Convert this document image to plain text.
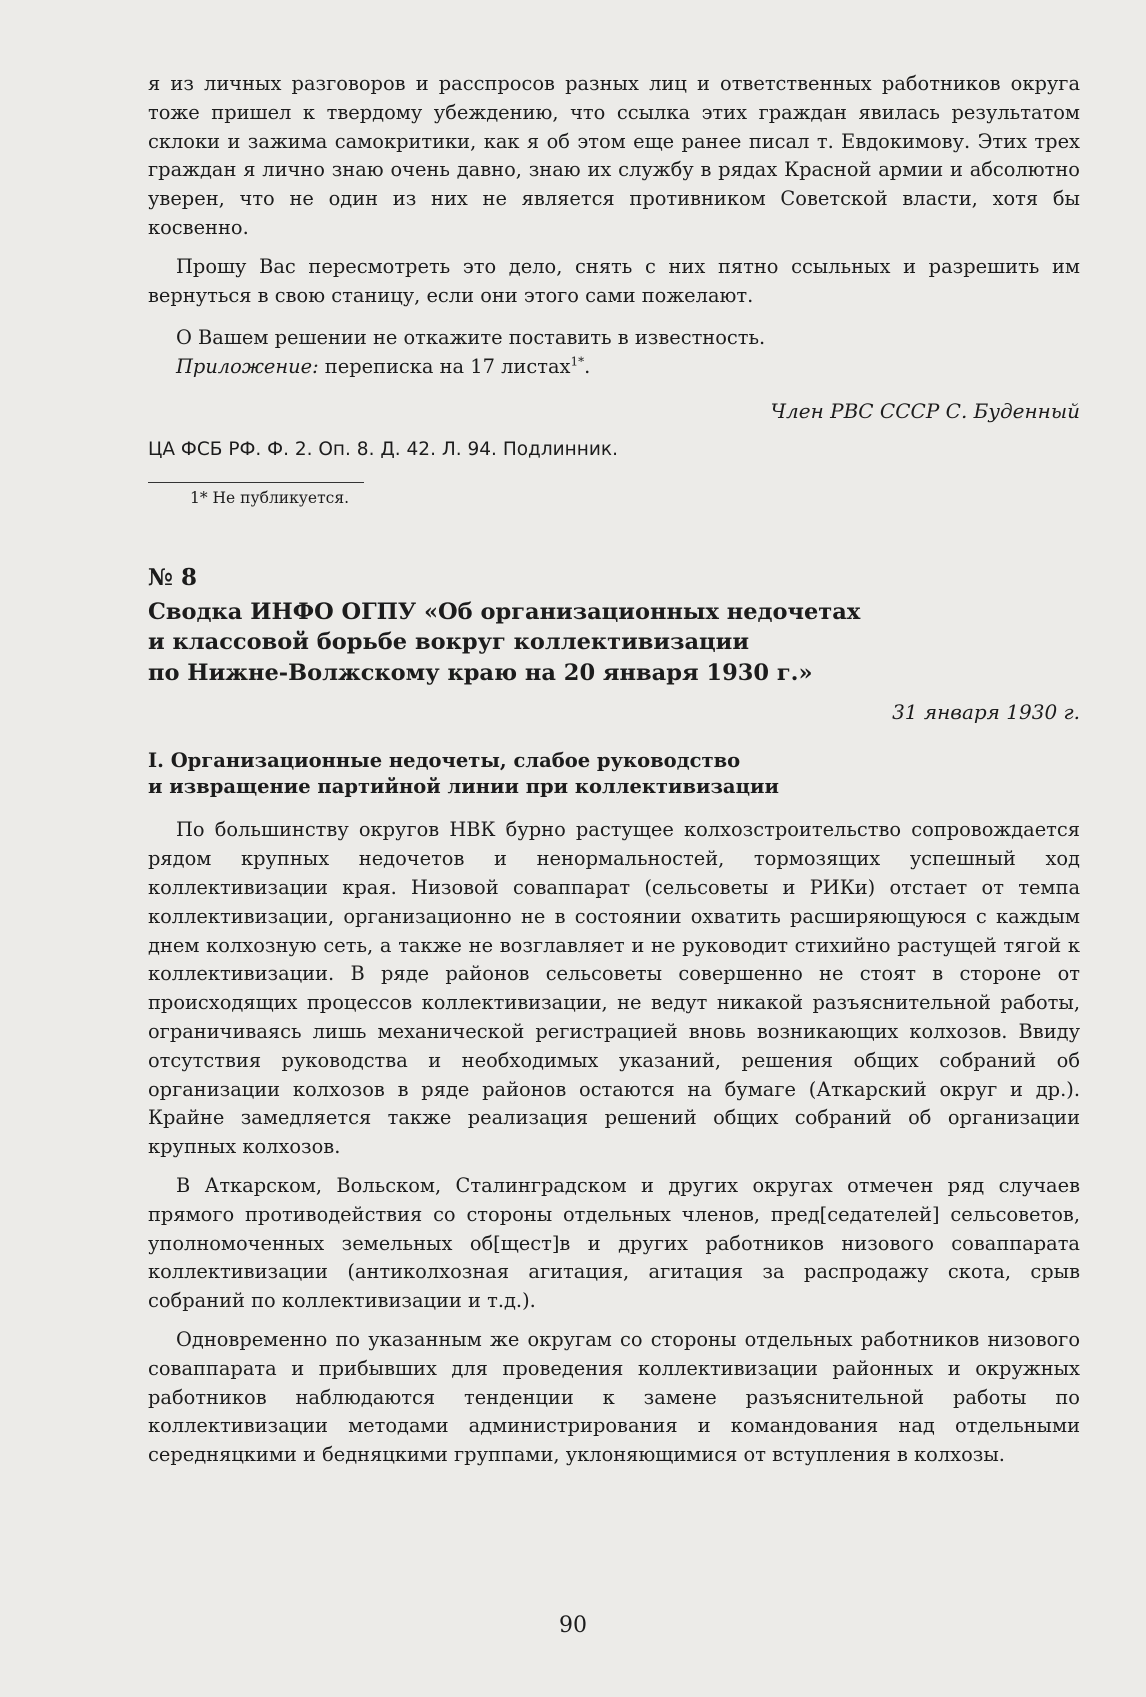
я из личных разговоров и расспросов разных лиц и ответственных работников округа тоже пришел к твердому убеждению, что ссылка этих граждан явилась результатом склоки и зажима самокритики, как я об этом еще ранее писал т. Евдокимову. Этих трех граждан я лично знаю очень давно, знаю их службу в рядах Красной армии и абсолютно уверен, что не один из них не является противником Советской власти, хотя бы косвенно.

Прошу Вас пересмотреть это дело, снять с них пятно ссыльных и разрешить им вернуться в свою станицу, если они этого сами пожелают.

О Вашем решении не откажите поставить в известность.

Приложение: переписка на 17 листах$^{1*}$.

Член РВС СССР С. Буденный

ЦА ФСБ РФ. Ф. 2. Оп. 8. Д. 42. Л. 94. Подлинник.

1* Не публикуется.

№ 8

Сводка ИНФО ОГПУ «Об организационных недочетах
и классовой борьбе вокруг коллективизации
по Нижне-Волжскому краю на 20 января 1930 г.»

31 января 1930 г.

I. Организационные недочеты, слабое руководство
и извращение партийной линии при коллективизации

По большинству округов НВК бурно растущее колхозстроительство сопровождается рядом крупных недочетов и ненормальностей, тормозящих успешный ход коллективизации края. Низовой соваппарат (сельсоветы и РИКи) отстает от темпа коллективизации, организационно не в состоянии охватить расширяющуюся с каждым днем колхозную сеть, а также не возглавляет и не руководит стихийно растущей тягой к коллективизации. В ряде районов сельсоветы совершенно не стоят в стороне от происходящих процессов коллективизации, не ведут никакой разъяснительной работы, ограничиваясь лишь механической регистрацией вновь возникающих колхозов. Ввиду отсутствия руководства и необходимых указаний, решения общих собраний об организации колхозов в ряде районов остаются на бумаге (Аткарский округ и др.). Крайне замедляется также реализация решений общих собраний об организации крупных колхозов.

В Аткарском, Вольском, Сталинградском и других округах отмечен ряд случаев прямого противодействия со стороны отдельных членов, пред[седателей] сельсоветов, уполномоченных земельных об[щест]в и других работников низового соваппарата коллективизации (антиколхозная агитация, агитация за распродажу скота, срыв собраний по коллективизации и т.д.).

Одновременно по указанным же округам со стороны отдельных работников низового соваппарата и прибывших для проведения коллективизации районных и окружных работников наблюдаются тенденции к замене разъяснительной работы по коллективизации методами администрирования и командования над отдельными середняцкими и бедняцкими группами, уклоняющимися от вступления в колхозы.

90
